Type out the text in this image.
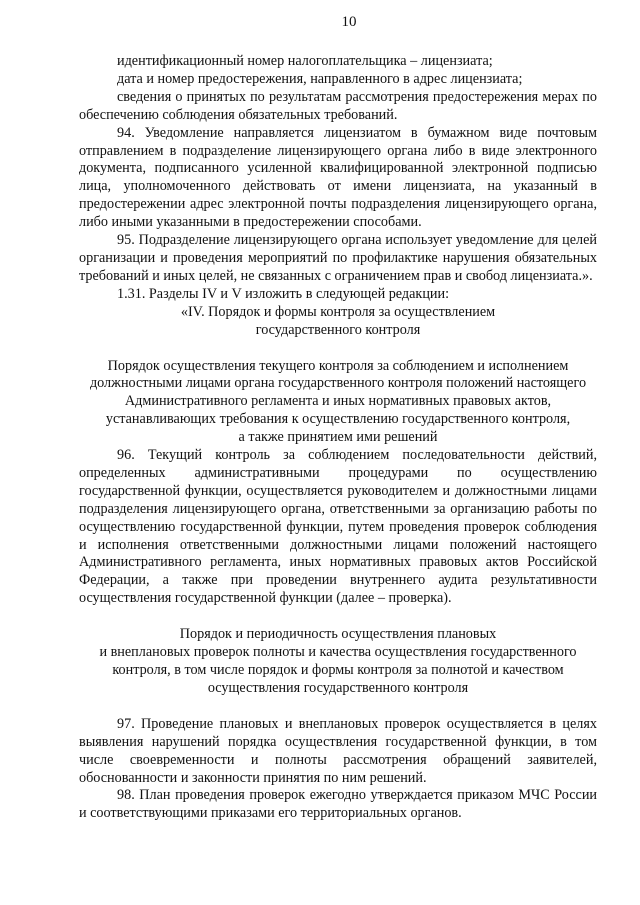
10

идентификационный номер налогоплательщика – лицензиата;

дата и номер предостережения, направленного в адрес лицензиата;

сведения о принятых по результатам рассмотрения предостережения мерах по обеспечению соблюдения обязательных требований.

94. Уведомление направляется лицензиатом в бумажном виде почтовым отправлением в подразделение лицензирующего органа либо в виде электронного документа, подписанного усиленной квалифицированной электронной подписью лица, уполномоченного действовать от имени лицензиата, на указанный в предостережении адрес электронной почты подразделения лицензирующего органа, либо иными указанными в предостережении способами.

95. Подразделение лицензирующего органа использует уведомление для целей организации и проведения мероприятий по профилактике нарушения обязательных требований и иных целей, не связанных с ограничением прав и свобод лицензиата.».

1.31. Разделы IV и V изложить в следующей редакции:

«IV. Порядок и формы контроля за осуществлением

государственного контроля

Порядок осуществления текущего контроля за соблюдением и исполнением

должностными лицами органа государственного контроля положений настоящего

Административного регламента и иных нормативных правовых актов,

устанавливающих требования к осуществлению государственного контроля,

а также принятием ими решений

96. Текущий контроль за соблюдением последовательности действий, определенных административными процедурами по осуществлению государственной функции, осуществляется руководителем и должностными лицами подразделения лицензирующего органа, ответственными за организацию работы по осуществлению государственной функции, путем проведения проверок соблюдения и исполнения ответственными должностными лицами положений настоящего Административного регламента, иных нормативных правовых актов Российской Федерации, а также при проведении внутреннего аудита результативности осуществления государственной функции (далее – проверка).

Порядок и периодичность осуществления плановых

и внеплановых проверок полноты и качества осуществления государственного

контроля, в том числе порядок и формы контроля за полнотой и качеством

осуществления государственного контроля

97. Проведение плановых и внеплановых проверок осуществляется в целях выявления нарушений порядка осуществления государственной функции, в том числе своевременности и полноты рассмотрения обращений заявителей, обоснованности и законности принятия по ним решений.

98. План проведения проверок ежегодно утверждается приказом МЧС России и соответствующими приказами его территориальных органов.
